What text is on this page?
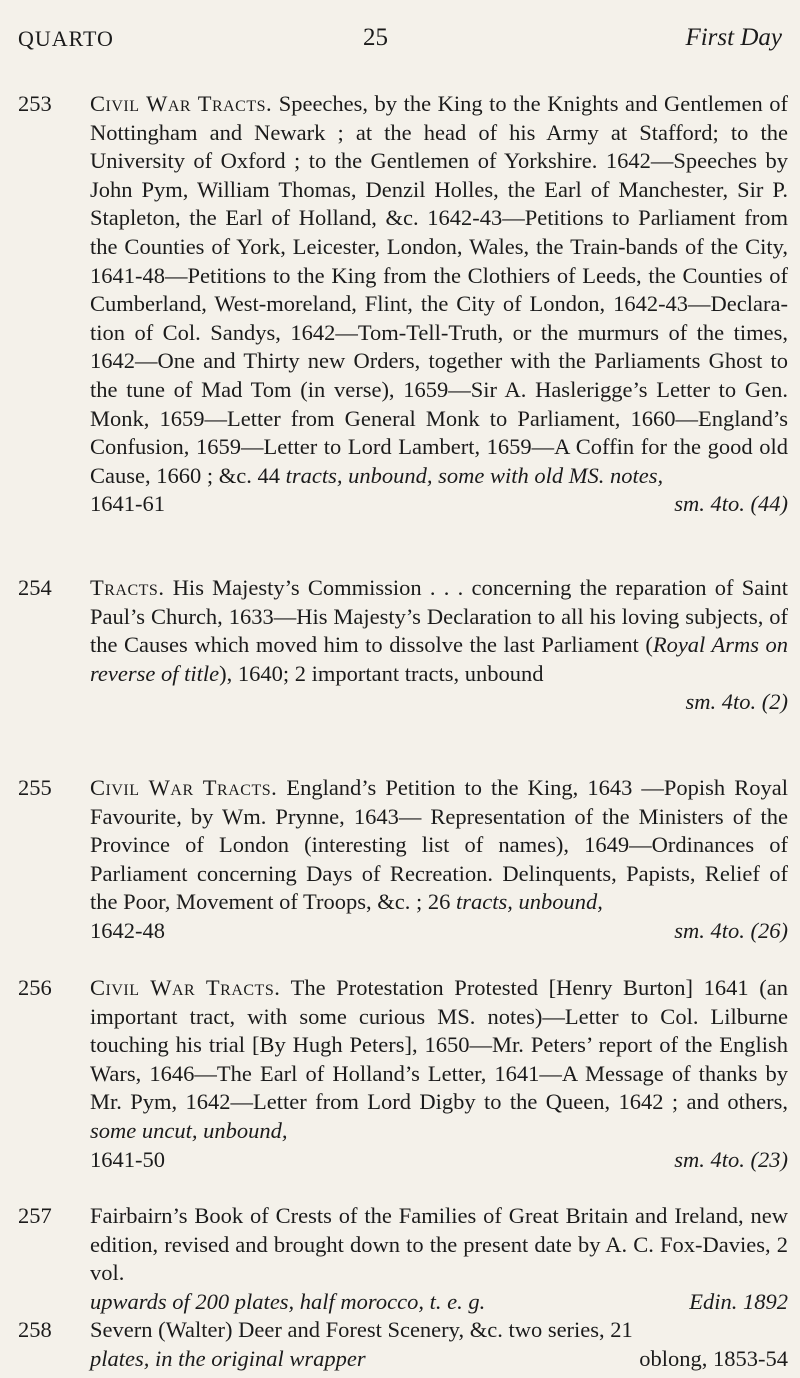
QUARTO	25	First Day
253	Civil War Tracts. Speeches, by the King to the Knights and Gentlemen of Nottingham and Newark ; at the head of his Army at Stafford; to the University of Oxford ; to the Gentlemen of Yorkshire. 1642—Speeches by John Pym, William Thomas, Denzil Holles, the Earl of Manchester, Sir P. Stapleton, the Earl of Holland, &c. 1642-43—Petitions to Parliament from the Counties of York, Leicester, London, Wales, the Train-bands of the City, 1641-48—Petitions to the King from the Clothiers of Leeds, the Counties of Cumberland, West-moreland, Flint, the City of London, 1642-43—Declara-tion of Col. Sandys, 1642—Tom-Tell-Truth, or the murmurs of the times, 1642—One and Thirty new Orders, together with the Parliaments Ghost to the tune of Mad Tom (in verse), 1659—Sir A. Haslerigge’s Letter to Gen. Monk, 1659—Letter from General Monk to Parliament, 1660—England’s Confusion, 1659—Letter to Lord Lambert, 1659—A Coffin for the good old Cause, 1660 ; &c. 44 tracts, unbound, some with old MS. notes,
1641-61	sm. 4to. (44)
254	Tracts. His Majesty’s Commission . . . concerning the reparation of Saint Paul’s Church, 1633—His Majesty’s Declaration to all his loving subjects, of the Causes which moved him to dissolve the last Parliament (Royal Arms on reverse of title), 1640; 2 important tracts, unbound
sm. 4to. (2)
255	Civil War Tracts. England’s Petition to the King, 1643 —Popish Royal Favourite, by Wm. Prynne, 1643— Representation of the Ministers of the Province of London (interesting list of names), 1649—Ordinances of Parliament concerning Days of Recreation. Delinquents, Papists, Relief of the Poor, Movement of Troops, &c. ; 26 tracts, unbound,
1642-48	sm. 4to. (26)
256	Civil War Tracts. The Protestation Protested [Henry Burton] 1641 (an important tract, with some curious MS. notes)—Letter to Col. Lilburne touching his trial [By Hugh Peters], 1650—Mr. Peters’ report of the English Wars, 1646—The Earl of Holland’s Letter, 1641—A Message of thanks by Mr. Pym, 1642—Letter from Lord Digby to the Queen, 1642 ; and others, some uncut, unbound,
1641-50	sm. 4to. (23)
257	Fairbairn’s Book of Crests of the Families of Great Britain and Ireland, new edition, revised and brought down to the present date by A. C. Fox-Davies, 2 vol.
upwards of 200 plates, half morocco, t. e. g.	Edin. 1892
258	Severn (Walter) Deer and Forest Scenery, &c. two series, 21
plates, in the original wrapper	oblong, 1853-54
